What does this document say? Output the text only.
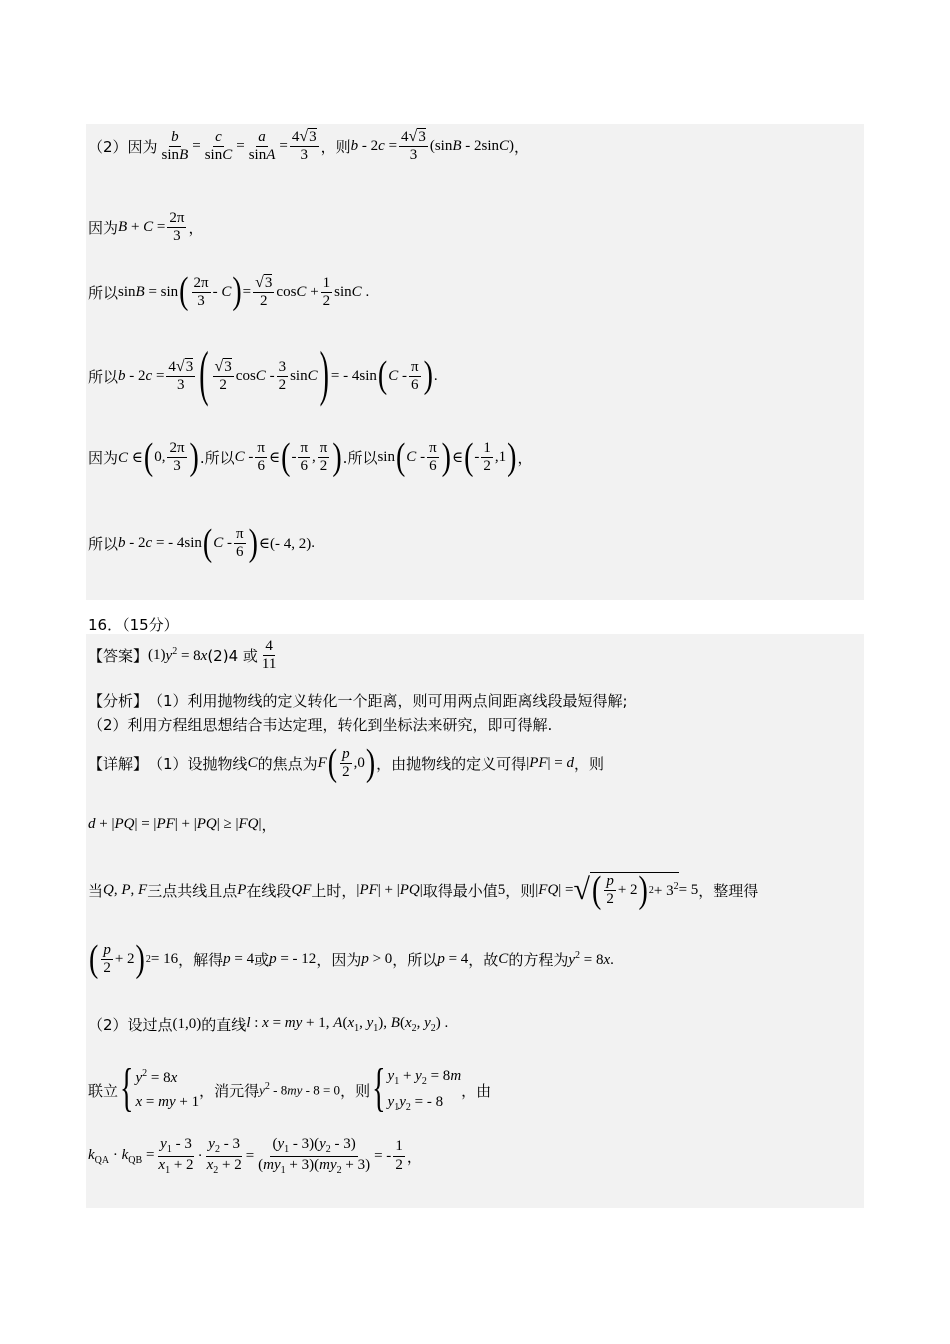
（2）因为 $\frac{b}{\sin B} = \frac{c}{\sin C} = \frac{a}{\sin A} = \frac{4√3}{3}$ ，则 $b - 2c = \frac{4√3}{3} (\sin B - 2\sin C)$ ，
因为 $B + C = \frac{2\pi}{3}$ ，
所以 sinB = sin ( $\frac{2\pi}{3}$ - C ) = $\frac{√3}{2}$ $\cos C + \frac{1}{2}$ sinC .
所以 $b - 2c = \frac{4√3}{3}$ ( $\frac{√3}{2}$ cosC - $\frac{3}{2}$ sinC ) = - 4sin ( C - $\frac{\pi}{6}$ ) .
因为 C ∈ ( 0, $\frac{2\pi}{3}$ ) .所以 C - $\frac{\pi}{6}$ ∈ ( - $\frac{\pi}{6}$ , $\frac{\pi}{2}$ ) .所以 sin ( C - $\frac{\pi}{6}$ ) ∈ ( - $\frac{1}{2} ,1$ ) ，
所以 b - 2c = - 4sin ( C - $\frac{\pi}{6}$ ) ∈(- 4, 2) .
16．（15分）
【答案】 (1) $y^2 = 8x$ (2)4 或 $\frac{4}{11}$
【分析】 （1）利用抛物线的定义转化一个距离，则可用两点间距离线段最短得解;
（2）利用方程组思想结合韦达定理，转化到坐标法来研究，即可得解.
【详解】 （1）设抛物线 C 的焦点为 F ( $\frac{p}{2} ,0$ ) ，由抛物线的定义可得 |PF| = d ，则
d + |PQ| = |PF| + |PQ| ≥ |FQ| ，
当 Q, P, F 三点共线且点 P 在线段 QF 上时， |PF| + |PQ| 取得最小值 5 ，则 |FQ| = √ ( $\frac{p}{2} + 2$ ) $2 + 3^2 = 5$ ，整理得
( $\frac{p}{2} + 2$ ) 2 = 16 ，解得 p = 4 或 p = - 12 ，因为 p > 0 ，所以 p = 4 ，故 C 的方程为 $y^2 = 8x$.
（2）设过点 (1,0) 的直线 l : x = my + 1, $A(x_1$, $y_1$), $B(x_2$, $y_2$) .
联立 { $y^2 = 8x$
x = my + 1
，消元得 $y^2 - 8my - 8 = 0$ ，则 { $y_1 + y_2 = 8m$
$y_1y_2$ = - 8
，由
$k_{QA} \cdot k_{QB} = \frac{y_1 - 3}{x_1 + 2} \cdot \frac{y_2 - 3}{x_2 + 2} = \frac{(y_1 - 3)(y_2 - 3)}{(my_1 + 3)(my_2 + 3)}$ = - $\frac{1}{2}$ ，
